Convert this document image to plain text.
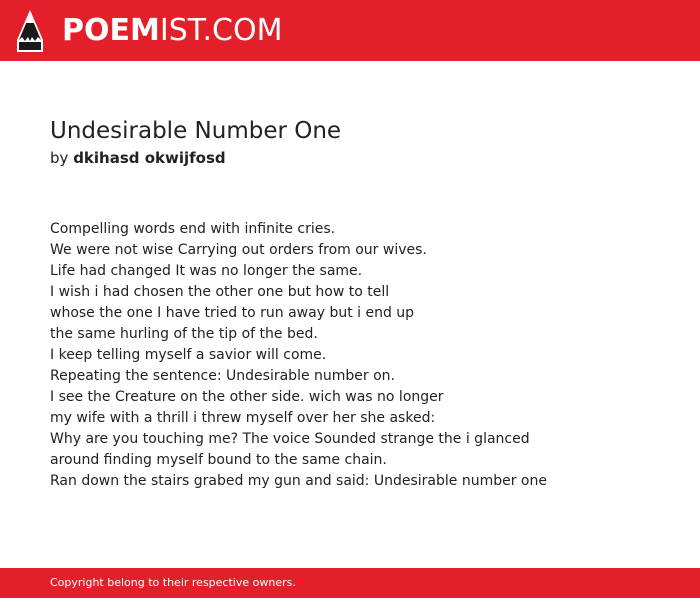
POEMIST.COM
Undesirable Number One
by dkihasd okwijfosd
Compelling words end with infinite cries.
We were not wise Carrying out orders from our wives.
Life had changed It was no longer the same.
I wish i had chosen the other one but how to tell
whose the one I have tried to run away but i end up
the same hurling of the tip of the bed.
I keep telling myself a savior will come.
Repeating the sentence: Undesirable number on.
I see the Creature on the other side. wich was no longer
my wife with a thrill i threw myself over her she asked:
Why are you touching me? The voice Sounded strange the i glanced
around finding myself bound to the same chain.
Ran down the stairs grabed my gun and said: Undesirable number one
Copyright belong to their respective owners.
